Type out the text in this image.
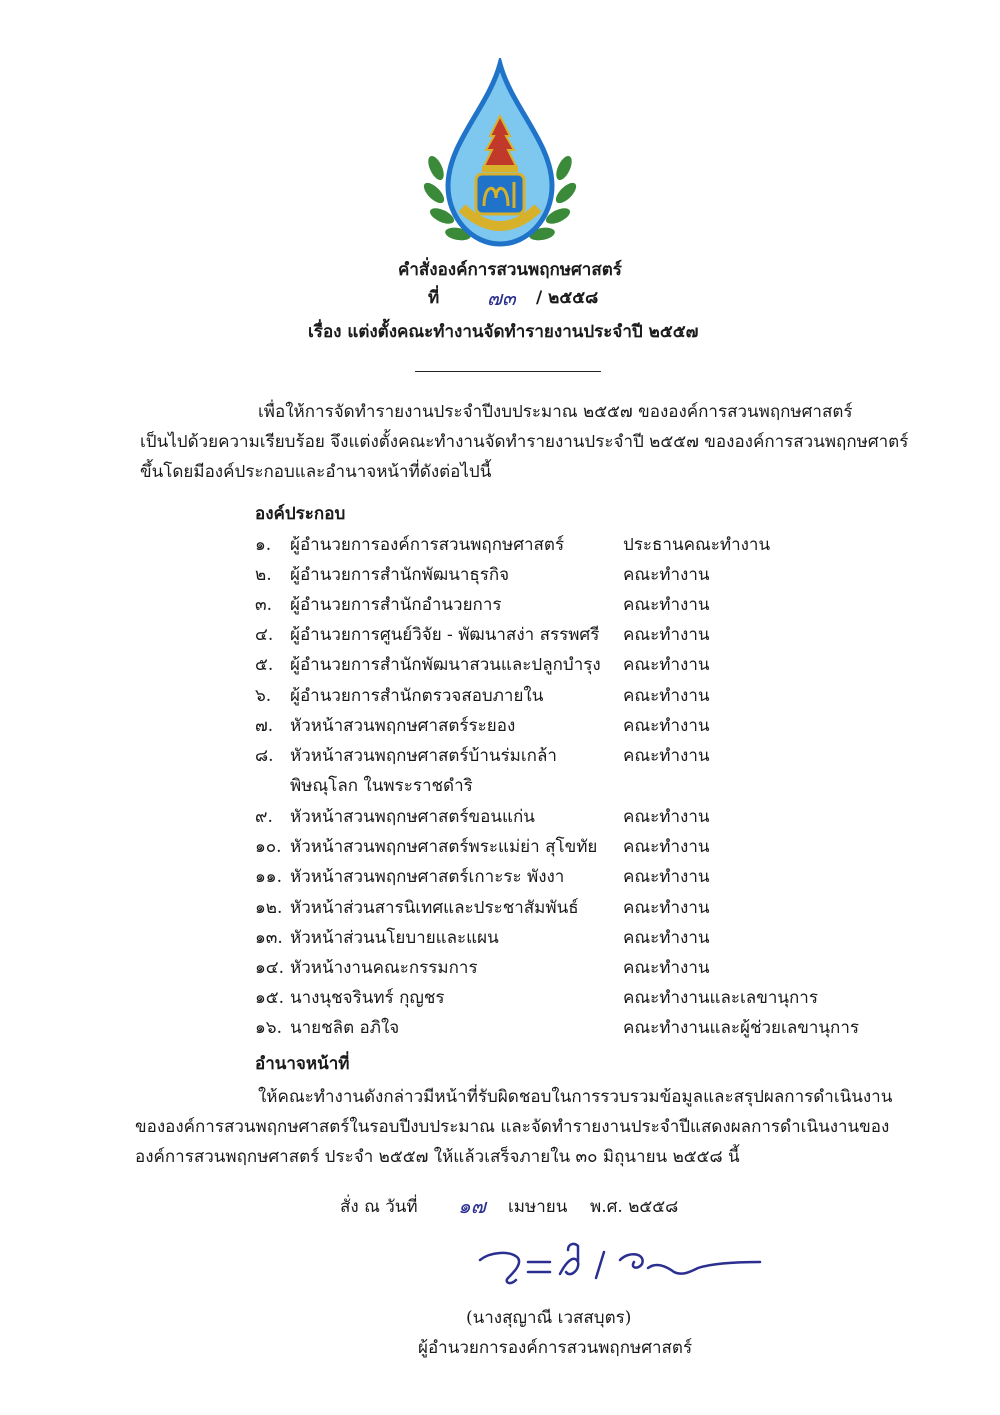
คำสั่งองค์การสวนพฤกษศาสตร์
ที่ ๗๓ / ๒๕๕๘
เรื่อง แต่งตั้งคณะทำงานจัดทำรายงานประจำปี ๒๕๕๗
เพื่อให้การจัดทำรายงานประจำปีงบประมาณ ๒๕๕๗ ขององค์การสวนพฤกษศาสตร์
เป็นไปด้วยความเรียบร้อย จึงแต่งตั้งคณะทำงานจัดทำรายงานประจำปี ๒๕๕๗ ขององค์การสวนพฤกษศาตร์
ขึ้นโดยมีองค์ประกอบและอำนาจหน้าที่ดังต่อไปนี้
องค์ประกอบ
๑. ผู้อำนวยการองค์การสวนพฤกษศาสตร์	ประธานคณะทำงาน
๒. ผู้อำนวยการสำนักพัฒนาธุรกิจ	คณะทำงาน
๓. ผู้อำนวยการสำนักอำนวยการ	คณะทำงาน
๔. ผู้อำนวยการศูนย์วิจัย - พัฒนาสง่า สรรพศรี คณะทำงาน
๕. ผู้อำนวยการสำนักพัฒนาสวนและปลูกบำรุง คณะทำงาน
๖. ผู้อำนวยการสำนักตรวจสอบภายใน	คณะทำงาน
๗. หัวหน้าสวนพฤกษศาสตร์ระยอง	คณะทำงาน
๘. หัวหน้าสวนพฤกษศาสตร์บ้านร่มเกล้า	คณะทำงาน
พิษณุโลก ในพระราชดำริ
๙. หัวหน้าสวนพฤกษศาสตร์ขอนแก่น	คณะทำงาน
๑๐. หัวหน้าสวนพฤกษศาสตร์พระแม่ย่า สุโขทัย คณะทำงาน
๑๑. หัวหน้าสวนพฤกษศาสตร์เกาะระ พังงา	คณะทำงาน
๑๒. หัวหน้าส่วนสารนิเทศและประชาสัมพันธ์	คณะทำงาน
๑๓. หัวหน้าส่วนนโยบายและแผน	คณะทำงาน
๑๔. หัวหน้างานคณะกรรมการ	คณะทำงาน
๑๕. นางนุชจรินทร์ กุญชร	คณะทำงานและเลขานุการ
๑๖. นายชลิต อภิใจ	คณะทำงานและผู้ช่วยเลขานุการ
อำนาจหน้าที่
ให้คณะทำงานดังกล่าวมีหน้าที่รับผิดชอบในการรวบรวมข้อมูลและสรุปผลการดำเนินงาน
ขององค์การสวนพฤกษศาสตร์ในรอบปีงบประมาณ และจัดทำรายงานประจำปีแสดงผลการดำเนินงานของ
องค์การสวนพฤกษศาสตร์ ประจำ ๒๕๕๗ ให้แล้วเสร็จภายใน ๓๐ มิถุนายน ๒๕๕๘ นี้
สั่ง ณ วันที่ ๑๗ เมษายน พ.ศ. ๒๕๕๘
(นางสุญาณี เวสสบุตร)
ผู้อำนวยการองค์การสวนพฤกษศาสตร์
